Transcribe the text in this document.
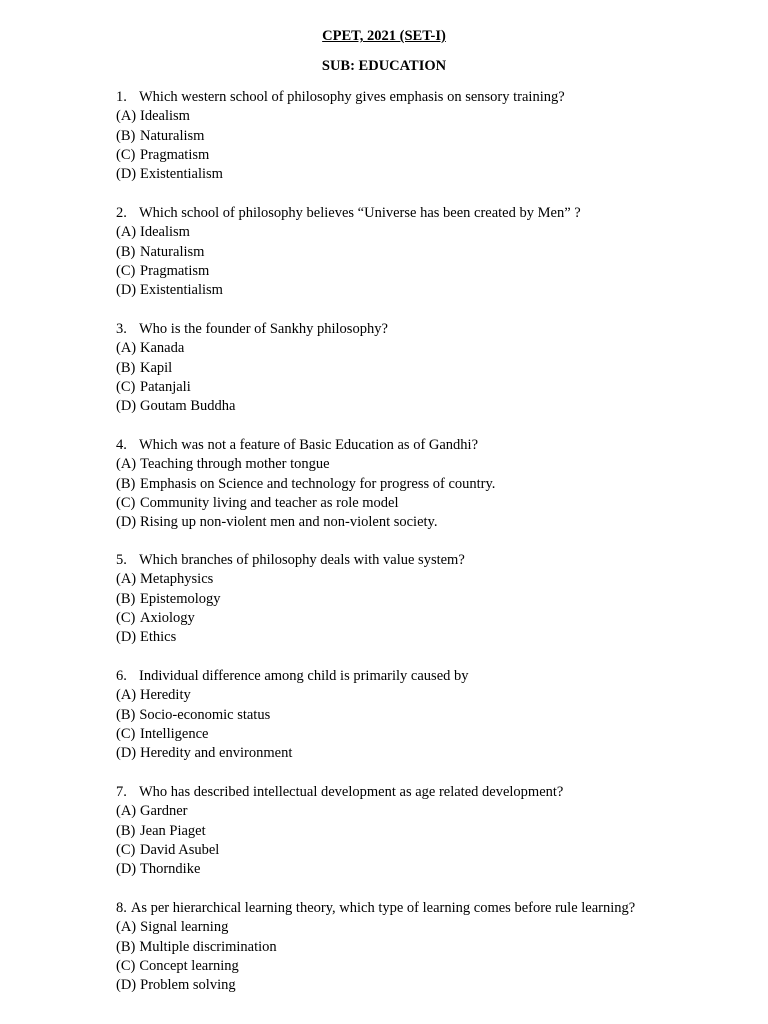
CPET, 2021 (SET-I)
SUB: EDUCATION
1. Which western school of philosophy gives emphasis on sensory training?
(A) Idealism
(B) Naturalism
(C) Pragmatism
(D) Existentialism
2. Which school of philosophy believes “Universe has been created by Men” ?
(A) Idealism
(B) Naturalism
(C) Pragmatism
(D) Existentialism
3. Who is the founder of Sankhy philosophy?
(A) Kanada
(B) Kapil
(C) Patanjali
(D) Goutam Buddha
4. Which was not a feature of Basic Education as of Gandhi?
(A) Teaching through mother tongue
(B) Emphasis on Science and technology for progress of country.
(C) Community living and teacher as role model
(D) Rising up non-violent men and non-violent society.
5. Which branches of philosophy deals with value system?
(A) Metaphysics
(B) Epistemology
(C) Axiology
(D) Ethics
6. Individual difference among child is primarily caused by
(A) Heredity
(B) Socio-economic status
(C) Intelligence
(D) Heredity and environment
7. Who has described intellectual development as age related development?
(A) Gardner
(B) Jean Piaget
(C) David Asubel
(D) Thorndike
8. As per hierarchical learning theory, which type of learning comes before rule learning?
(A) Signal learning
(B) Multiple discrimination
(C) Concept learning
(D) Problem solving
